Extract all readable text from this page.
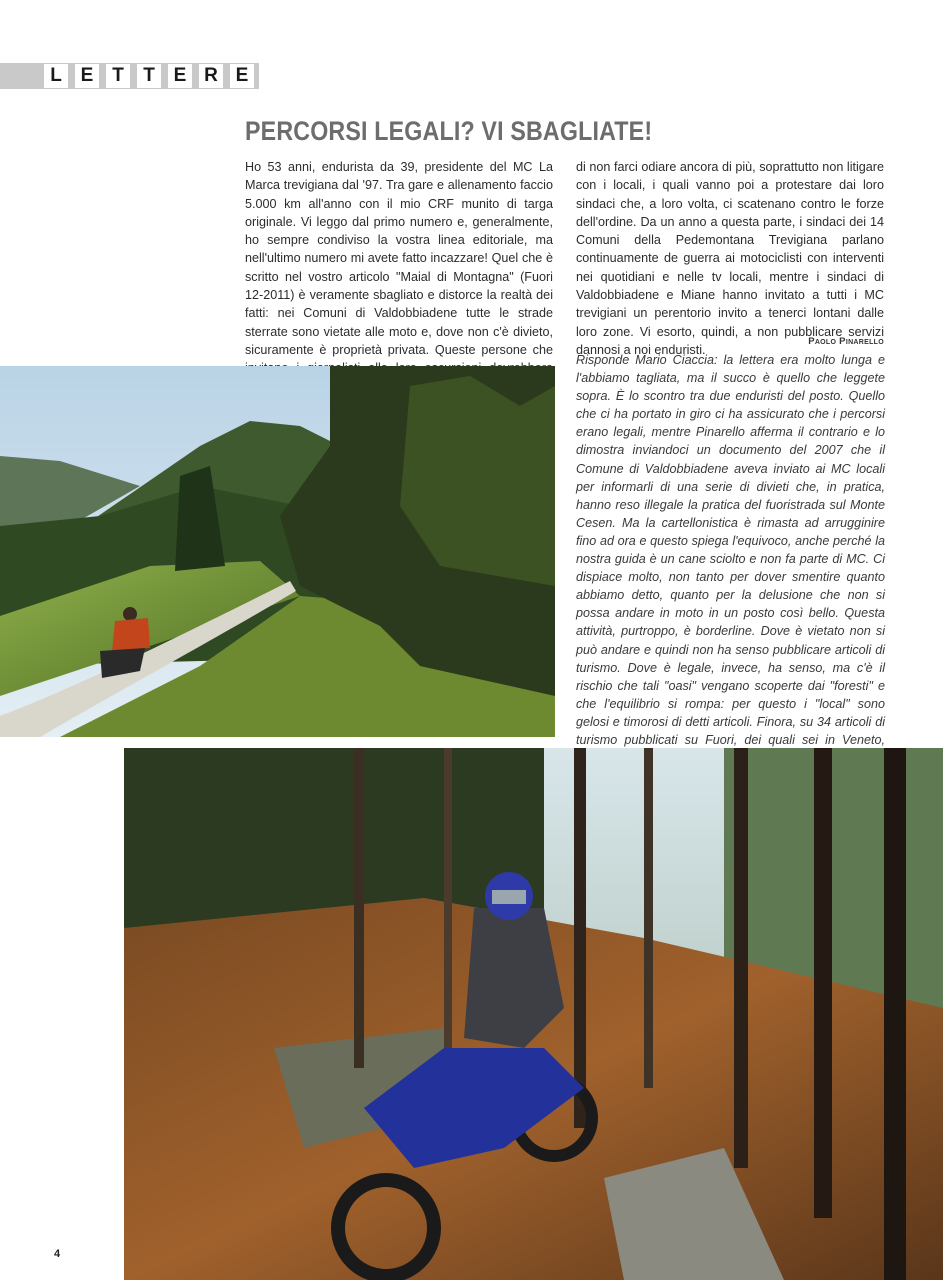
L E T	T E R E
PERCORSI LEGALI? VI SBAGLIATE!

Ho 53 anni, endurista da 39, presidente del MC La Marca trevigiana dal '97. Tra gare e allenamento faccio 5.000 km all'anno con il mio CRF munito di targa originale. Vi leggo dal primo numero e, generalmente, ho sempre condiviso la vostra linea editoriale, ma nell'ultimo numero mi avete fatto incazzare! Quel che è scritto nel vostro articolo "Maial di Montagna" (Fuori 12-2011) è veramente sbagliato e distorce la realtà dei fatti: nei Comuni di Valdobbiadene tutte le strade sterrate sono vietate alle moto e, dove non c'è divieto, sicuramente è proprietà privata. Queste persone che

di non farci odiare ancora di più, soprattutto non litigare con i locali, i quali vanno poi a protestare dai loro sindaci che, a loro volta, ci scatenano contro le forze dell'ordine. Da un anno a questa parte, i sindaci dei 14 Comuni della Pedemontana Trevigiana parlano continuamente de guerra ai motociclisti con interventi nei quotidiani e nelle tv locali, mentre i sindaci di Valdobbiadene e Miane hanno invitato a tutti i MC trevigiani un perentorio invito a tenerci lontani dalle loro zone. Vi esorto, quindi, a non pubblicare servizi dannosi a noi enduristi.

Paolo Pinarello

Risponde Mario Ciaccia: la lettera era molto lunga e l'abbiamo tagliata, ma il succo è quello che leggete sopra. È lo scontro tra due enduristi del posto. Quello che ci ha portato in giro ci ha assicurato che i percorsi erano legali, mentre Pinarello afferma il contrario e lo dimostra inviandoci un documento del 2007 che il Comune di Valdobbiadene aveva inviato ai MC locali per informarli di una serie di divieti che, in pratica, hanno reso illegale la pratica del fuoristrada sul Monte Cesen. Ma la cartellonistica è rimasta ad arrugginire fino ad ora e questo spiega l'equivoco, anche perché la nostra guida è un cane sciolto e non fa parte di MC. Ci dispiace molto, non tanto per dover smentire quanto abbiamo detto, quanto per la delusione che non si possa andare in moto in un posto così bello. Questa attività, purtroppo, è borderline. Dove è vietato non si può andare e quindi non ha senso pubblicare articoli di turismo. Dove è legale, invece, ha senso, ma c'è il rischio che tali "oasi" vengano scoperte dai "foresti" e che l'equilibrio si rompa: per questo i "local" sono gelosi e timorosi di detti articoli. Finora, su 34 articoli di turismo pubblicati su Fuori, dei quali sei in Veneto,

4
